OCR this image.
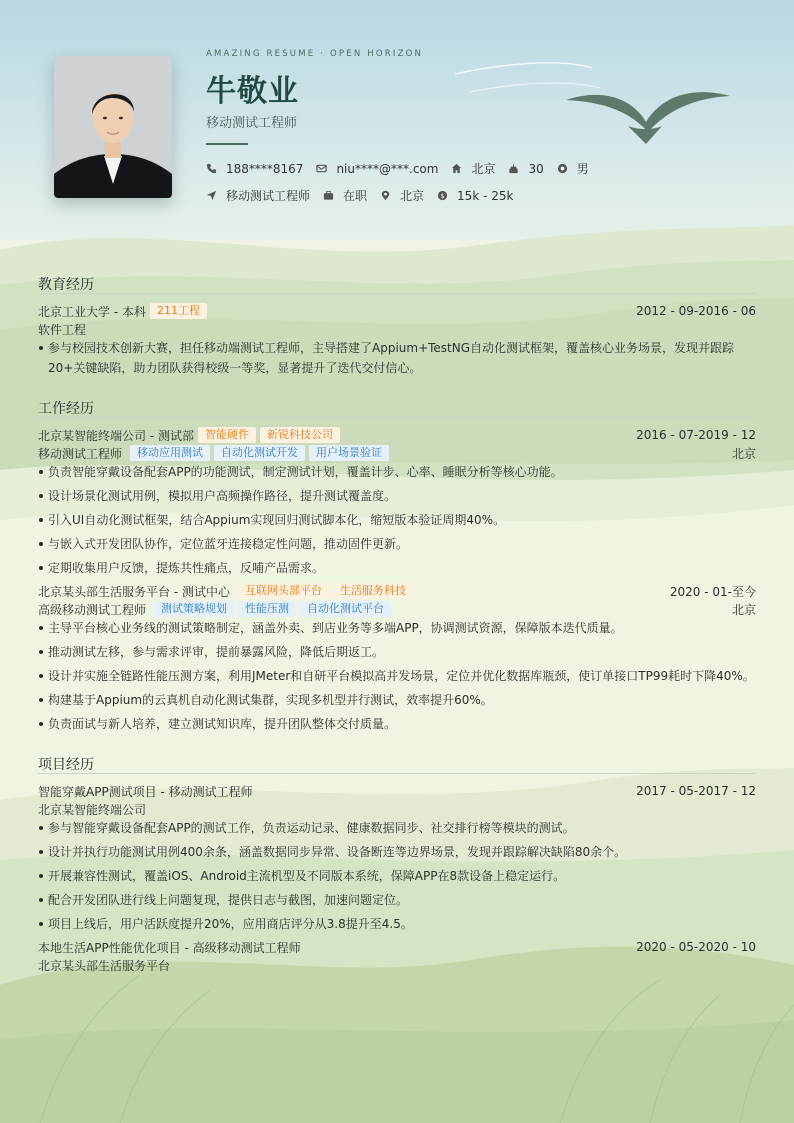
AMAZING RESUME · OPEN HORIZON
牛敬业
移动测试工程师
188****8167	niu****@***.com	北京	30	男
移动测试工程师	在职	北京 $ 15k - 25k
教育经历
北京工业大学 - 本科	211工程	2012 - 09-2016 - 06
软件工程
参与校园技术创新大赛，担任移动端测试工程师，主导搭建了Appium+TestNG自动化测试框架，覆盖核心业务场景，发现并跟踪20+关键缺陷，助力团队获得校级一等奖，显著提升了迭代交付信心。
工作经历
北京某智能终端公司 - 测试部	智能硬件	新锐科技公司	2016 - 07-2019 - 12
移动测试工程师	移动应用测试	自动化测试开发	用户场景验证	北京
负责智能穿戴设备配套APP的功能测试，制定测试计划，覆盖计步、心率、睡眠分析等核心功能。
设计场景化测试用例，模拟用户高频操作路径，提升测试覆盖度。
引入UI自动化测试框架，结合Appium实现回归测试脚本化，缩短版本验证周期40%。
与嵌入式开发团队协作，定位蓝牙连接稳定性问题，推动固件更新。
定期收集用户反馈，提炼共性痛点，反哺产品需求。
北京某头部生活服务平台 - 测试中心	互联网头部平台	生活服务科技	2020 - 01-至今
高级移动测试工程师	测试策略规划	性能压测	自动化测试平台	北京
主导平台核心业务线的测试策略制定，涵盖外卖、到店业务等多端APP，协调测试资源，保障版本迭代质量。
推动测试左移，参与需求评审，提前暴露风险，降低后期返工。
设计并实施全链路性能压测方案，利用JMeter和自研平台模拟高并发场景，定位并优化数据库瓶颈，使订单接口TP99耗时下降40%。
构建基于Appium的云真机自动化测试集群，实现多机型并行测试，效率提升60%。
负责面试与新人培养，建立测试知识库，提升团队整体交付质量。
项目经历
智能穿戴APP测试项目 - 移动测试工程师	2017 - 05-2017 - 12
北京某智能终端公司
参与智能穿戴设备配套APP的测试工作，负责运动记录、健康数据同步、社交排行榜等模块的测试。
设计并执行功能测试用例400余条，涵盖数据同步异常、设备断连等边界场景，发现并跟踪解决缺陷80余个。
开展兼容性测试，覆盖iOS、Android主流机型及不同版本系统，保障APP在8款设备上稳定运行。
配合开发团队进行线上问题复现，提供日志与截图，加速问题定位。
项目上线后，用户活跃度提升20%，应用商店评分从3.8提升至4.5。
本地生活APP性能优化项目 - 高级移动测试工程师	2020 - 05-2020 - 10
北京某头部生活服务平台
